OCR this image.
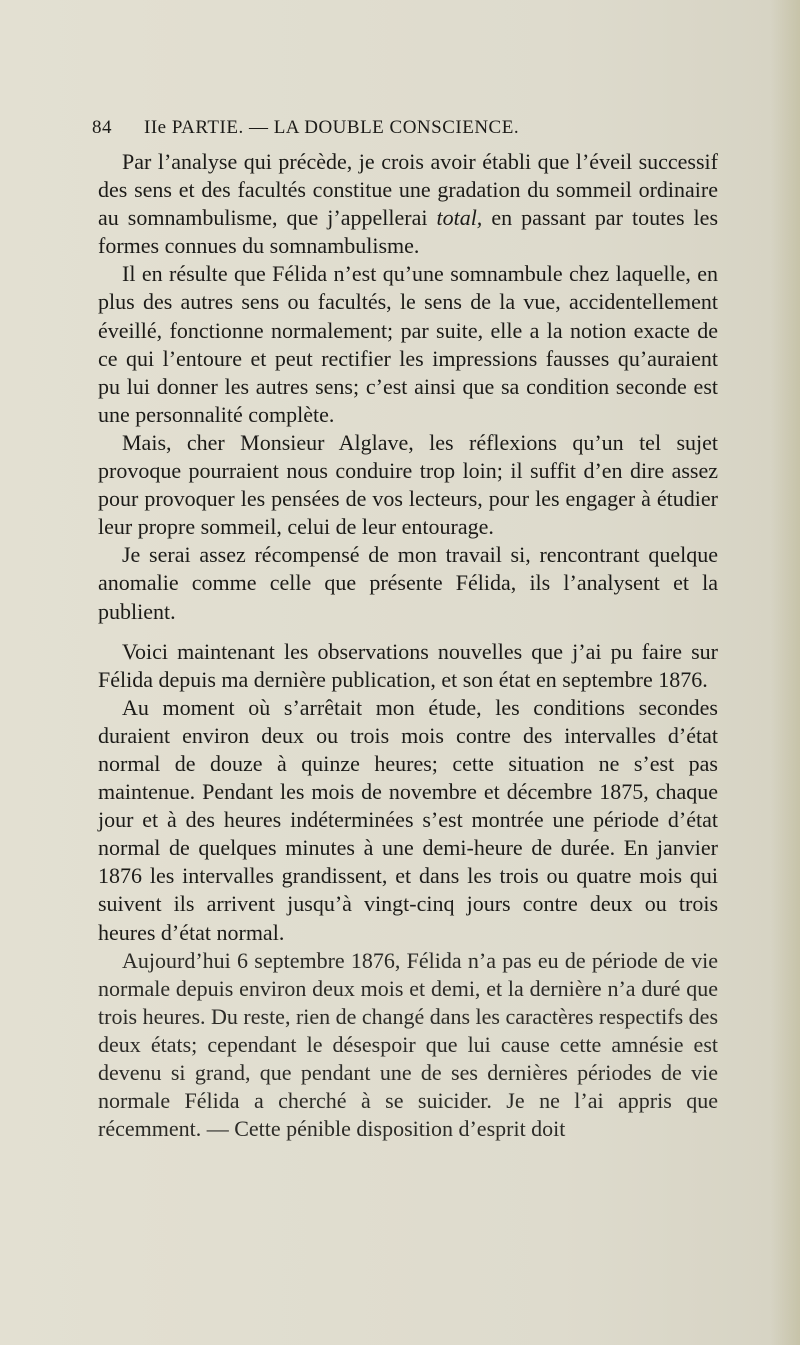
84 IIe PARTIE. — LA DOUBLE CONSCIENCE.

Par l’analyse qui précède, je crois avoir établi que l’éveil successif des sens et des facultés constitue une gradation du sommeil ordinaire au somnambulisme, que j’appellerai total, en passant par toutes les formes connues du somnambulisme.

Il en résulte que Félida n’est qu’une somnambule chez laquelle, en plus des autres sens ou facultés, le sens de la vue, accidentellement éveillé, fonctionne normalement; par suite, elle a la notion exacte de ce qui l’entoure et peut rectifier les impressions fausses qu’auraient pu lui donner les autres sens; c’est ainsi que sa condition seconde est une personnalité complète.

Mais, cher Monsieur Alglave, les réflexions qu’un tel sujet provoque pourraient nous conduire trop loin; il suffit d’en dire assez pour provoquer les pensées de vos lecteurs, pour les engager à étudier leur propre sommeil, celui de leur entourage.

Je serai assez récompensé de mon travail si, rencontrant quelque anomalie comme celle que présente Félida, ils l’analysent et la publient.

Voici maintenant les observations nouvelles que j’ai pu faire sur Félida depuis ma dernière publication, et son état en septembre 1876.

Au moment où s’arrêtait mon étude, les conditions secondes duraient environ deux ou trois mois contre des intervalles d’état normal de douze à quinze heures; cette situation ne s’est pas maintenue. Pendant les mois de novembre et décembre 1875, chaque jour et à des heures indéterminées s’est montrée une période d’état normal de quelques minutes à une demi-heure de durée. En janvier 1876 les intervalles grandissent, et dans les trois ou quatre mois qui suivent ils arrivent jusqu’à vingt-cinq jours contre deux ou trois heures d’état normal.

Aujourd’hui 6 septembre 1876, Félida n’a pas eu de période de vie normale depuis environ deux mois et demi, et la dernière n’a duré que trois heures. Du reste, rien de changé dans les caractères respectifs des deux états; cependant le désespoir que lui cause cette amnésie est devenu si grand, que pendant une de ses dernières périodes de vie normale Félida a cherché à se suicider. Je ne l’ai appris que récemment. — Cette pénible disposition d’esprit doit
